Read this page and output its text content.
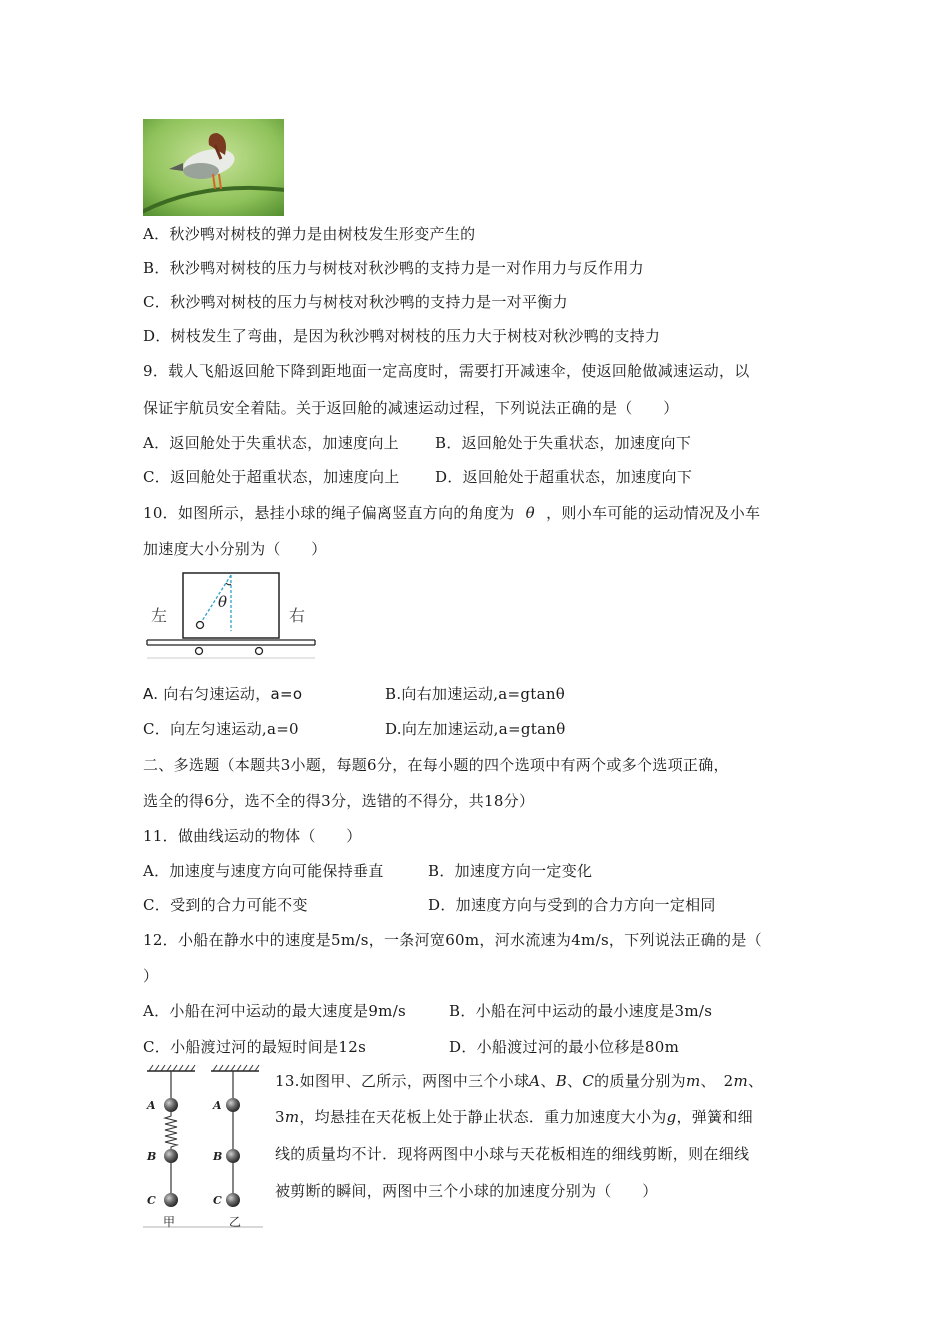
A．秋沙鸭对树枝的弹力是由树枝发生形变产生的
B．秋沙鸭对树枝的压力与树枝对秋沙鸭的支持力是一对作用力与反作用力
C．秋沙鸭对树枝的压力与树枝对秋沙鸭的支持力是一对平衡力
D．树枝发生了弯曲，是因为秋沙鸭对树枝的压力大于树枝对秋沙鸭的支持力
9．载人飞船返回舱下降到距地面一定高度时，需要打开减速伞，使返回舱做减速运动，以
保证宇航员安全着陆。关于返回舱的减速运动过程，下列说法正确的是（　　）
A．返回舱处于失重状态，加速度向上 B．返回舱处于失重状态，加速度向下
C．返回舱处于超重状态，加速度向上 D．返回舱处于超重状态，加速度向下
10．如图所示，悬挂小球的绳子偏离竖直方向的角度为 θ ，则小车可能的运动情况及小车
加速度大小分别为（　　）
θ
左	右
A. 向右匀速运动，a=o	B.向右加速运动,a=gtanθ
C．向左匀速运动,a=0	D.向左加速运动,a=gtanθ
二、多选题（本题共3小题，每题6分，在每小题的四个选项中有两个或多个选项正确，
选全的得6分，选不全的得3分，选错的不得分，共18分）
11．做曲线运动的物体（　　）
A．加速度与速度方向可能保持垂直	B．加速度方向一定变化
C．受到的合力可能不变	D．加速度方向与受到的合力方向一定相同
12．小船在静水中的速度是5m/s，一条河宽60m，河水流速为4m/s，下列说法正确的是（
）
A．小船在河中运动的最大速度是9m/s	B．小船在河中运动的最小速度是3m/s
C．小船渡过河的最短时间是12s	D．小船渡过河的最小位移是80m
A
B
C
A
B
C
甲	乙
13.如图甲、乙所示，两图中三个小球A、B、C的质量分别为m、　2m、
3m，均悬挂在天花板上处于静止状态．重力加速度大小为g，弹簧和细
线的质量均不计．现将两图中小球与天花板相连的细线剪断，则在细线
被剪断的瞬间，两图中三个小球的加速度分别为（　　）
